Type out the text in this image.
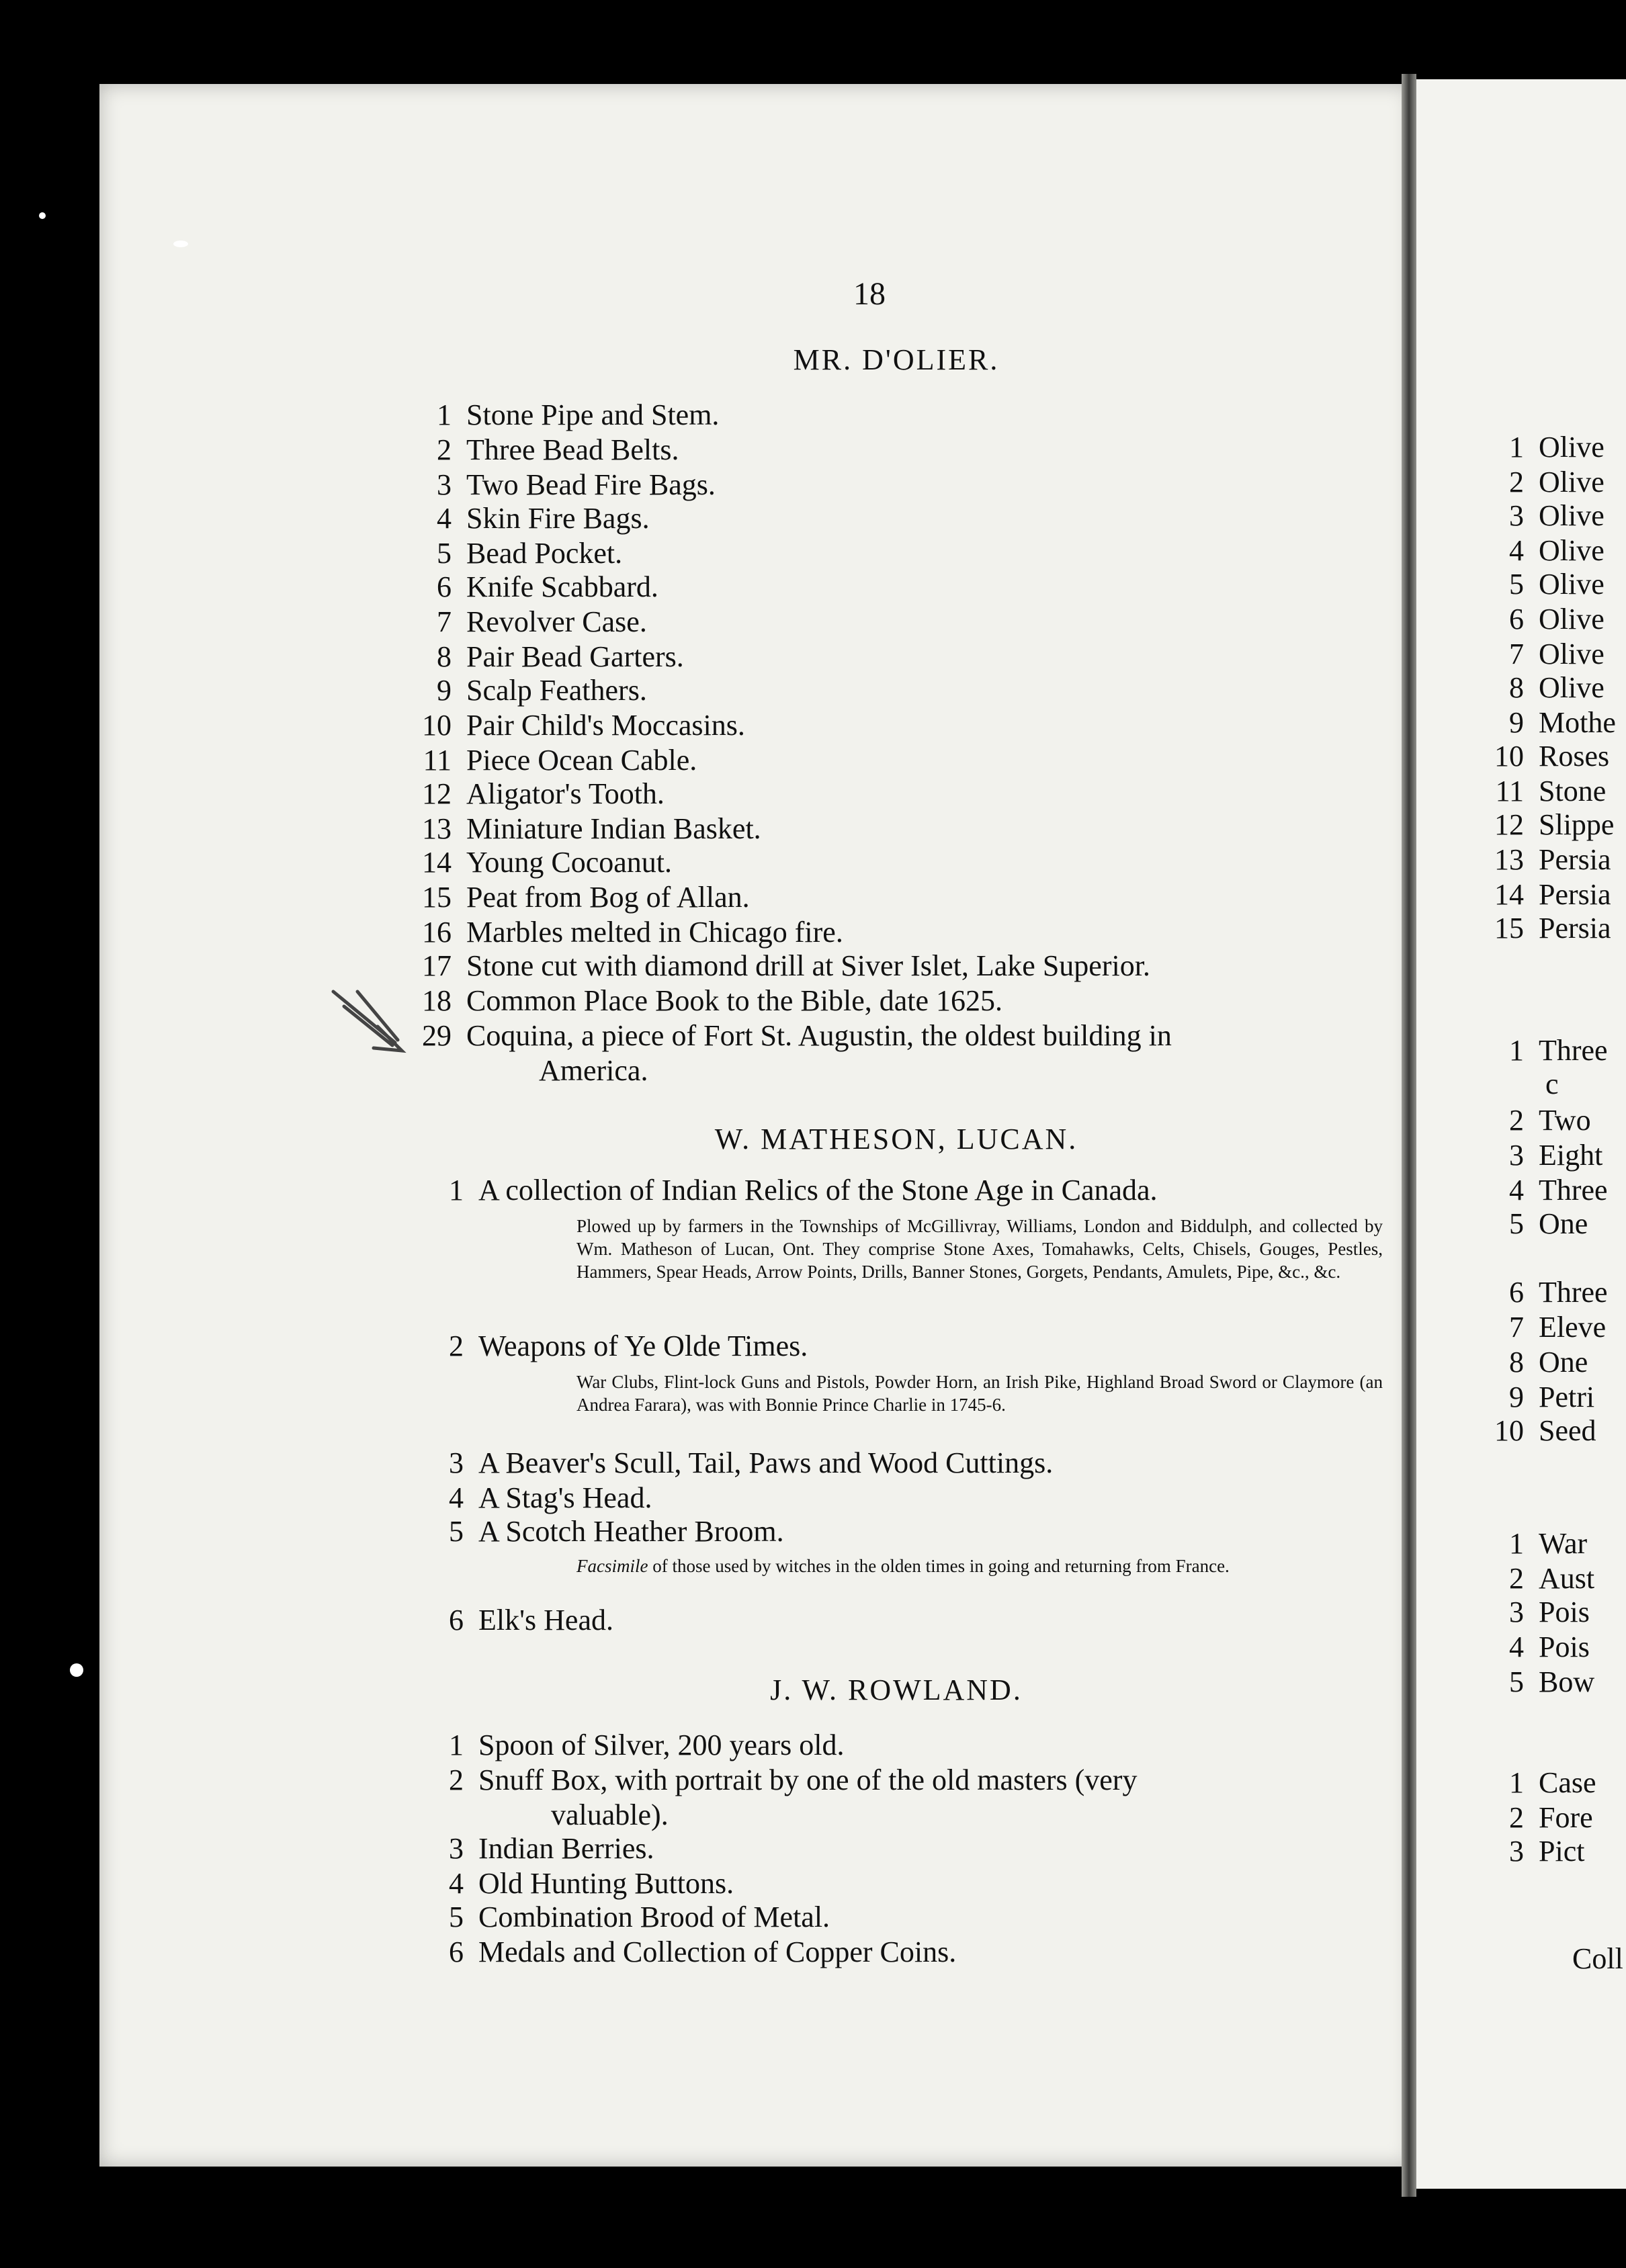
18
MR. D'OLIER.
1 Stone Pipe and Stem.
2 Three Bead Belts.
3 Two Bead Fire Bags.
4 Skin Fire Bags.
5 Bead Pocket.
6 Knife Scabbard.
7 Revolver Case.
8 Pair Bead Garters.
9 Scalp Feathers.
10 Pair Child's Moccasins.
11 Piece Ocean Cable.
12 Aligator's Tooth.
13 Miniature Indian Basket.
14 Young Cocoanut.
15 Peat from Bog of Allan.
16 Marbles melted in Chicago fire.
17 Stone cut with diamond drill at Siver Islet, Lake Superior.
18 Common Place Book to the Bible, date 1625.
29 Coquina, a piece of Fort St. Augustin, the oldest building in
America.
W. MATHESON, LUCAN.
1 A collection of Indian Relics of the Stone Age in Canada.
Plowed up by farmers in the Townships of McGillivray, Williams, London and Biddulph, and collected by Wm. Matheson of Lucan, Ont. They comprise Stone Axes, Tomahawks, Celts, Chisels, Gouges, Pestles, Hammers, Spear Heads, Arrow Points, Drills, Banner Stones, Gorgets, Pendants, Amulets, Pipe, &c., &c.
2 Weapons of Ye Olde Times.
War Clubs, Flint-lock Guns and Pistols, Powder Horn, an Irish Pike, Highland Broad Sword or Claymore (an Andrea Farara), was with Bonnie Prince Charlie in 1745-6.
3 A Beaver's Scull, Tail, Paws and Wood Cuttings.
4 A Stag's Head.
5 A Scotch Heather Broom.
Facsimile of those used by witches in the olden times in going and returning from France.
6 Elk's Head.
J. W. ROWLAND.
1 Spoon of Silver, 200 years old.
2 Snuff Box, with portrait by one of the old masters (very
valuable).
3 Indian Berries.
4 Old Hunting Buttons.
5 Combination Brood of Metal.
6 Medals and Collection of Copper Coins.
1 Olive
2 Olive
3 Olive
4 Olive
5 Olive
6 Olive
7 Olive
8 Olive
9 Mothe
10 Roses
11 Stone
12 Slippe
13 Persia
14 Persia
15 Persia
1 Three
c
2 Two
3 Eight
4 Three
5 One
6 Three
7 Eleve
8 One
9 Petri
10 Seed
1 War
2 Aust
3 Pois
4 Pois
5 Bow
1 Case
2 Fore
3 Pict
Coll
